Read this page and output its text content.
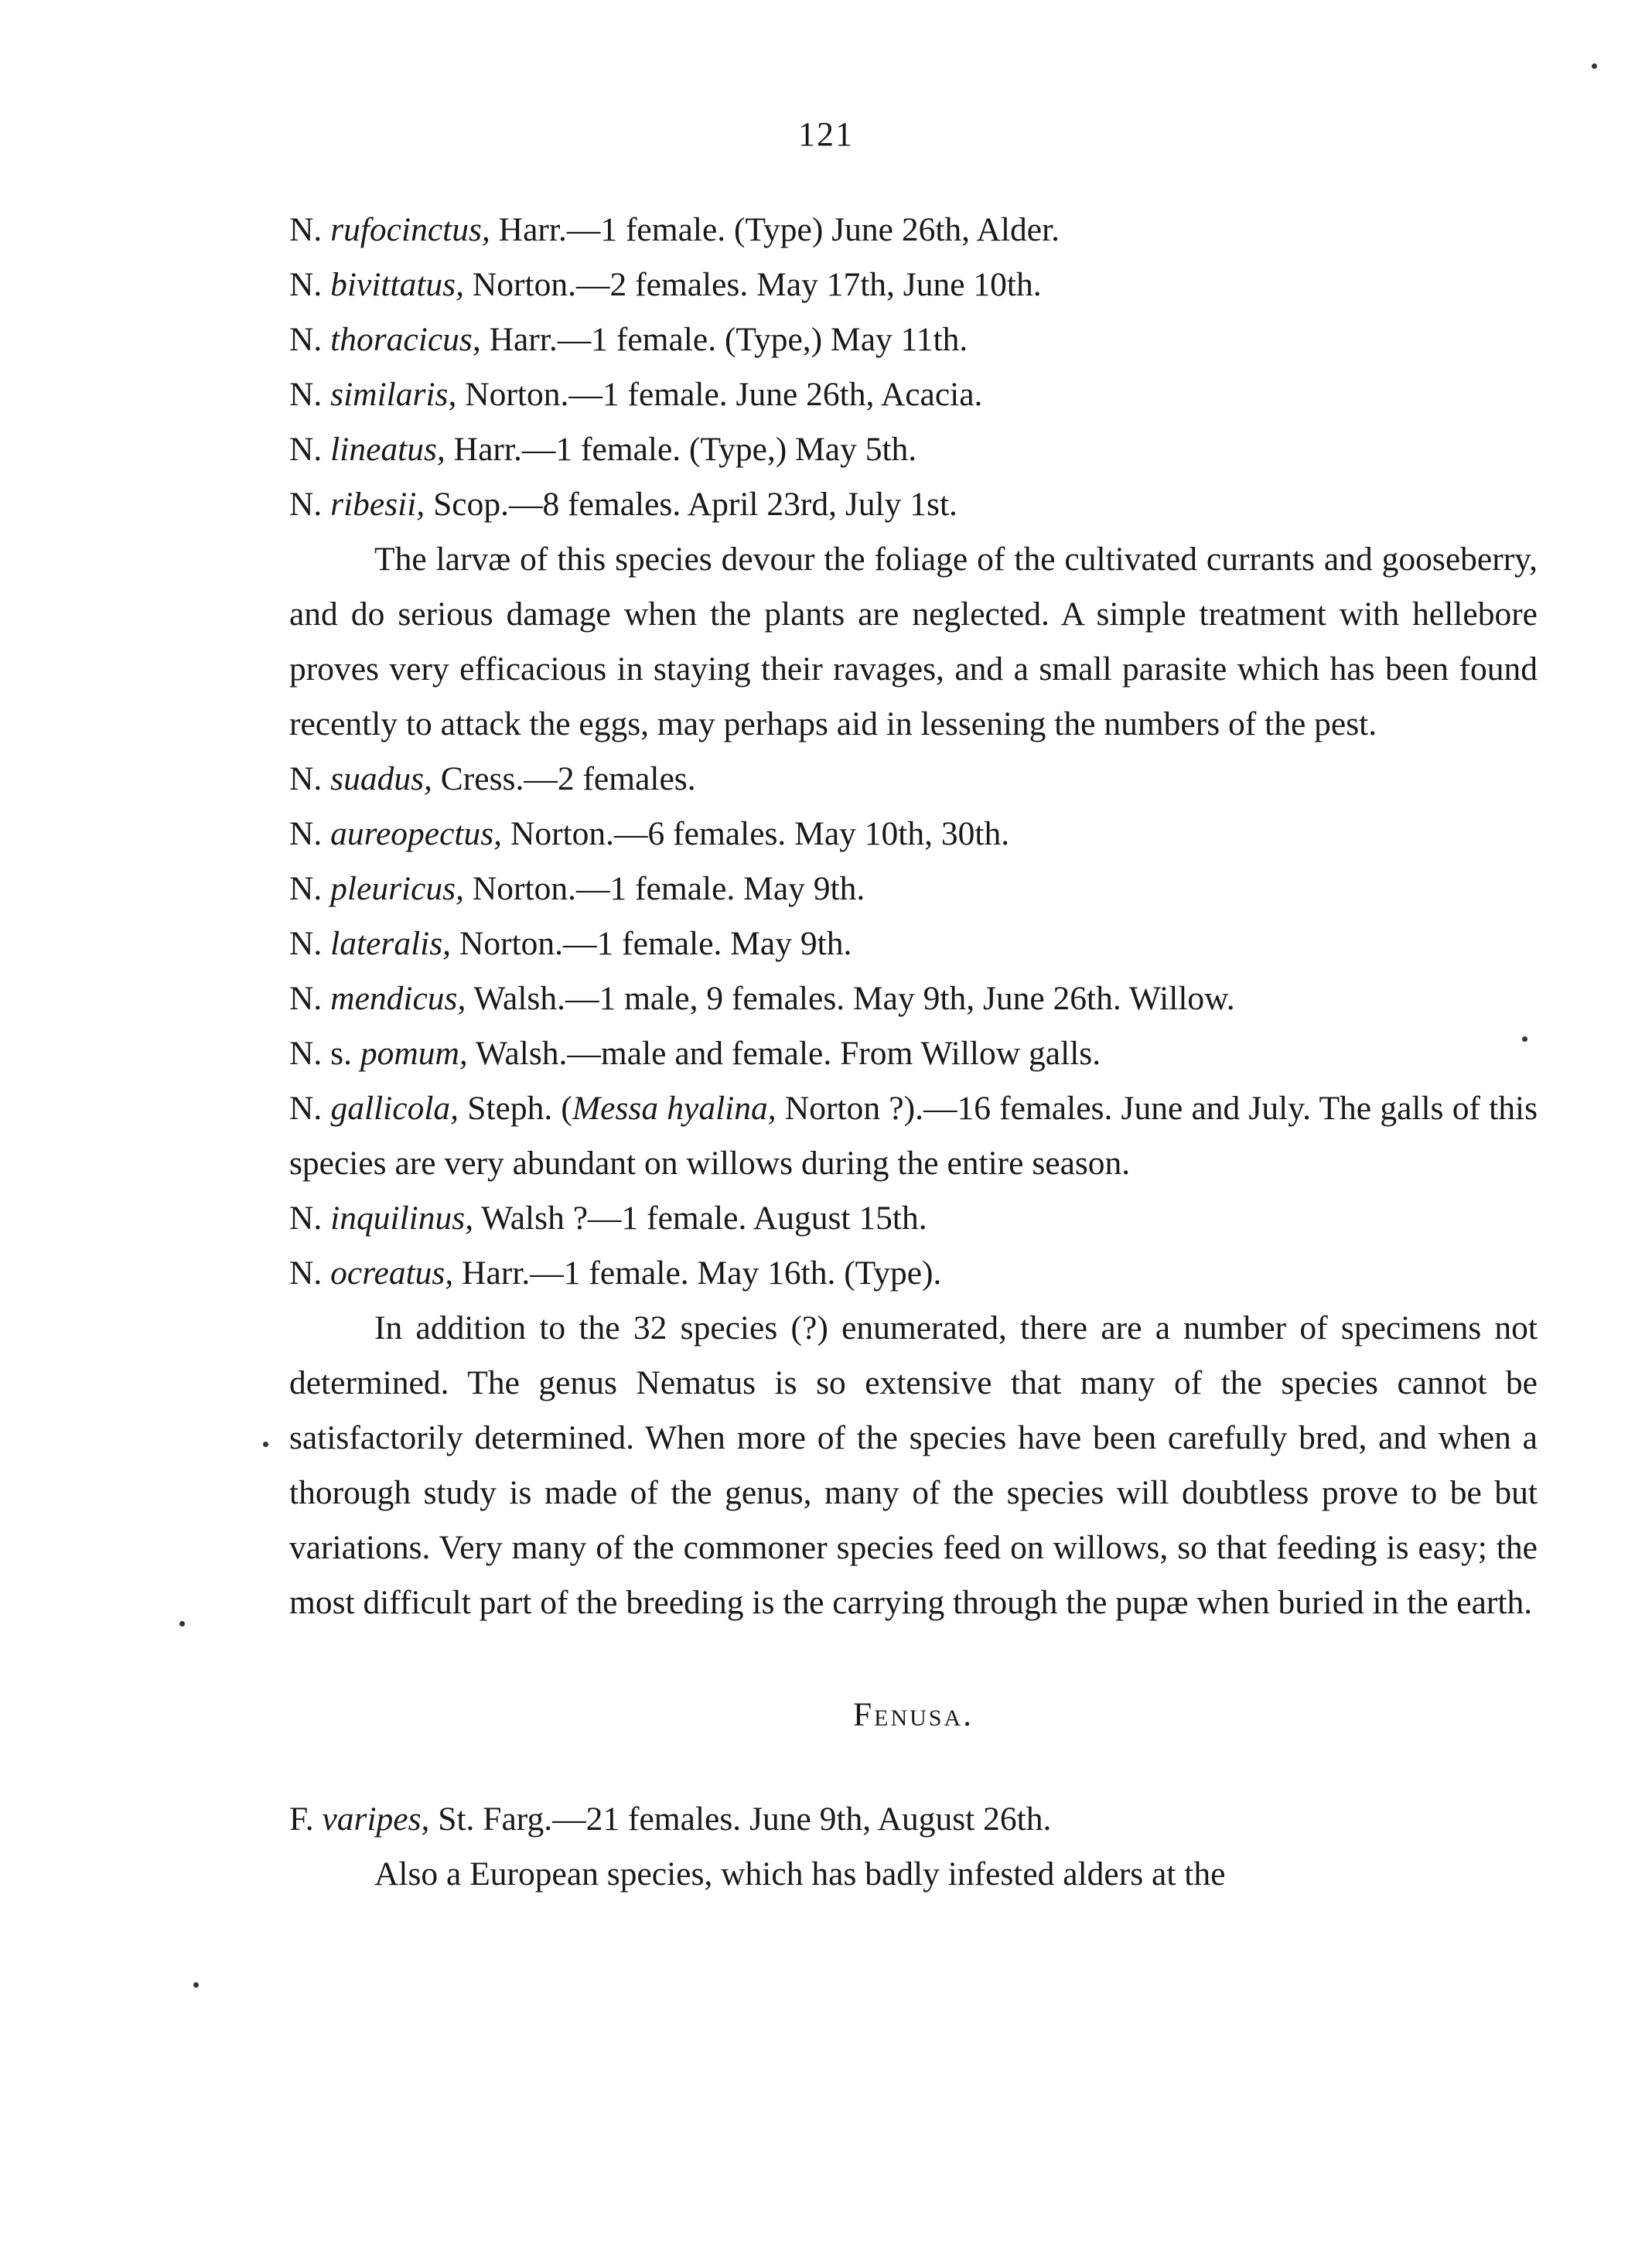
121
N. rufocinctus, Harr.—1 female. (Type) June 26th, Alder.
N. bivittatus, Norton.—2 females. May 17th, June 10th.
N. thoracicus, Harr.—1 female. (Type,) May 11th.
N. similaris, Norton.—1 female. June 26th, Acacia.
N. lineatus, Harr.—1 female. (Type,) May 5th.
N. ribesii, Scop.—8 females. April 23rd, July 1st.

The larvæ of this species devour the foliage of the cultivated currants and gooseberry, and do serious damage when the plants are neglected. A simple treatment with hellebore proves very efficacious in staying their ravages, and a small parasite which has been found recently to attack the eggs, may perhaps aid in lessening the numbers of the pest.

N. suadus, Cress.—2 females.
N. aureopectus, Norton.—6 females. May 10th, 30th.
N. pleuricus, Norton.—1 female. May 9th.
N. lateralis, Norton.—1 female. May 9th.
N. mendicus, Walsh.—1 male, 9 females. May 9th, June 26th. Willow.
N. s. pomum, Walsh.—male and female. From Willow galls.

N. gallicola, Steph. (Messa hyalina, Norton ?).—16 females. June and July. The galls of this species are very abundant on willows during the entire season.

N. inquilinus, Walsh ?—1 female. August 15th.
N. ocreatus, Harr.—1 female. May 16th. (Type).

In addition to the 32 species (?) enumerated, there are a number of specimens not determined. The genus Nematus is so extensive that many of the species cannot be satisfactorily determined. When more of the species have been carefully bred, and when a thorough study is made of the genus, many of the species will doubtless prove to be but variations. Very many of the commoner species feed on willows, so that feeding is easy; the most difficult part of the breeding is the carrying through the pupæ when buried in the earth.

Fenusa.
F. varipes, St. Farg.—21 females. June 9th, August 26th.

Also a European species, which has badly infested alders at the
